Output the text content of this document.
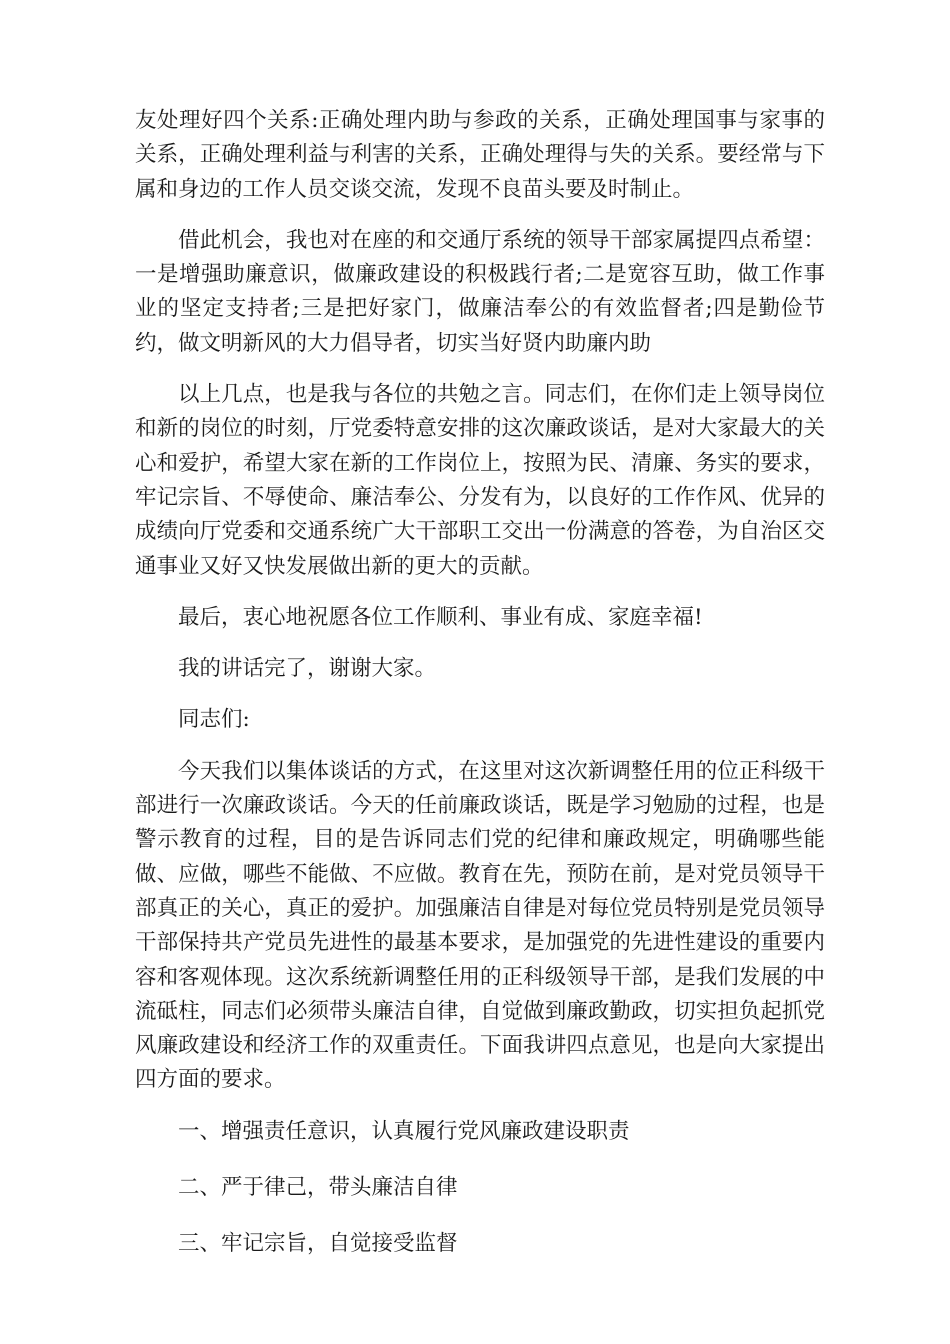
友处理好四个关系:正确处理内助与参政的关系，正确处理国事与家事的关系，正确处理利益与利害的关系，正确处理得与失的关系。要经常与下属和身边的工作人员交谈交流，发现不良苗头要及时制止。

借此机会，我也对在座的和交通厅系统的领导干部家属提四点希望：一是增强助廉意识，做廉政建设的积极践行者;二是宽容互助，做工作事业的坚定支持者;三是把好家门，做廉洁奉公的有效监督者;四是勤俭节约，做文明新风的大力倡导者，切实当好贤内助廉内助

以上几点，也是我与各位的共勉之言。同志们，在你们走上领导岗位和新的岗位的时刻，厅党委特意安排的这次廉政谈话，是对大家最大的关心和爱护，希望大家在新的工作岗位上，按照为民、清廉、务实的要求，牢记宗旨、不辱使命、廉洁奉公、分发有为，以良好的工作作风、优异的成绩向厅党委和交通系统广大干部职工交出一份满意的答卷，为自治区交通事业又好又快发展做出新的更大的贡献。

最后，衷心地祝愿各位工作顺利、事业有成、家庭幸福!

我的讲话完了，谢谢大家。

同志们:

今天我们以集体谈话的方式，在这里对这次新调整任用的位正科级干部进行一次廉政谈话。今天的任前廉政谈话，既是学习勉励的过程，也是警示教育的过程，目的是告诉同志们党的纪律和廉政规定，明确哪些能做、应做，哪些不能做、不应做。教育在先，预防在前，是对党员领导干部真正的关心，真正的爱护。加强廉洁自律是对每位党员特别是党员领导干部保持共产党员先进性的最基本要求，是加强党的先进性建设的重要内容和客观体现。这次系统新调整任用的正科级领导干部，是我们发展的中流砥柱，同志们必须带头廉洁自律，自觉做到廉政勤政，切实担负起抓党风廉政建设和经济工作的双重责任。下面我讲四点意见，也是向大家提出四方面的要求。

一、增强责任意识，认真履行党风廉政建设职责

二、严于律己，带头廉洁自律

三、牢记宗旨，自觉接受监督
